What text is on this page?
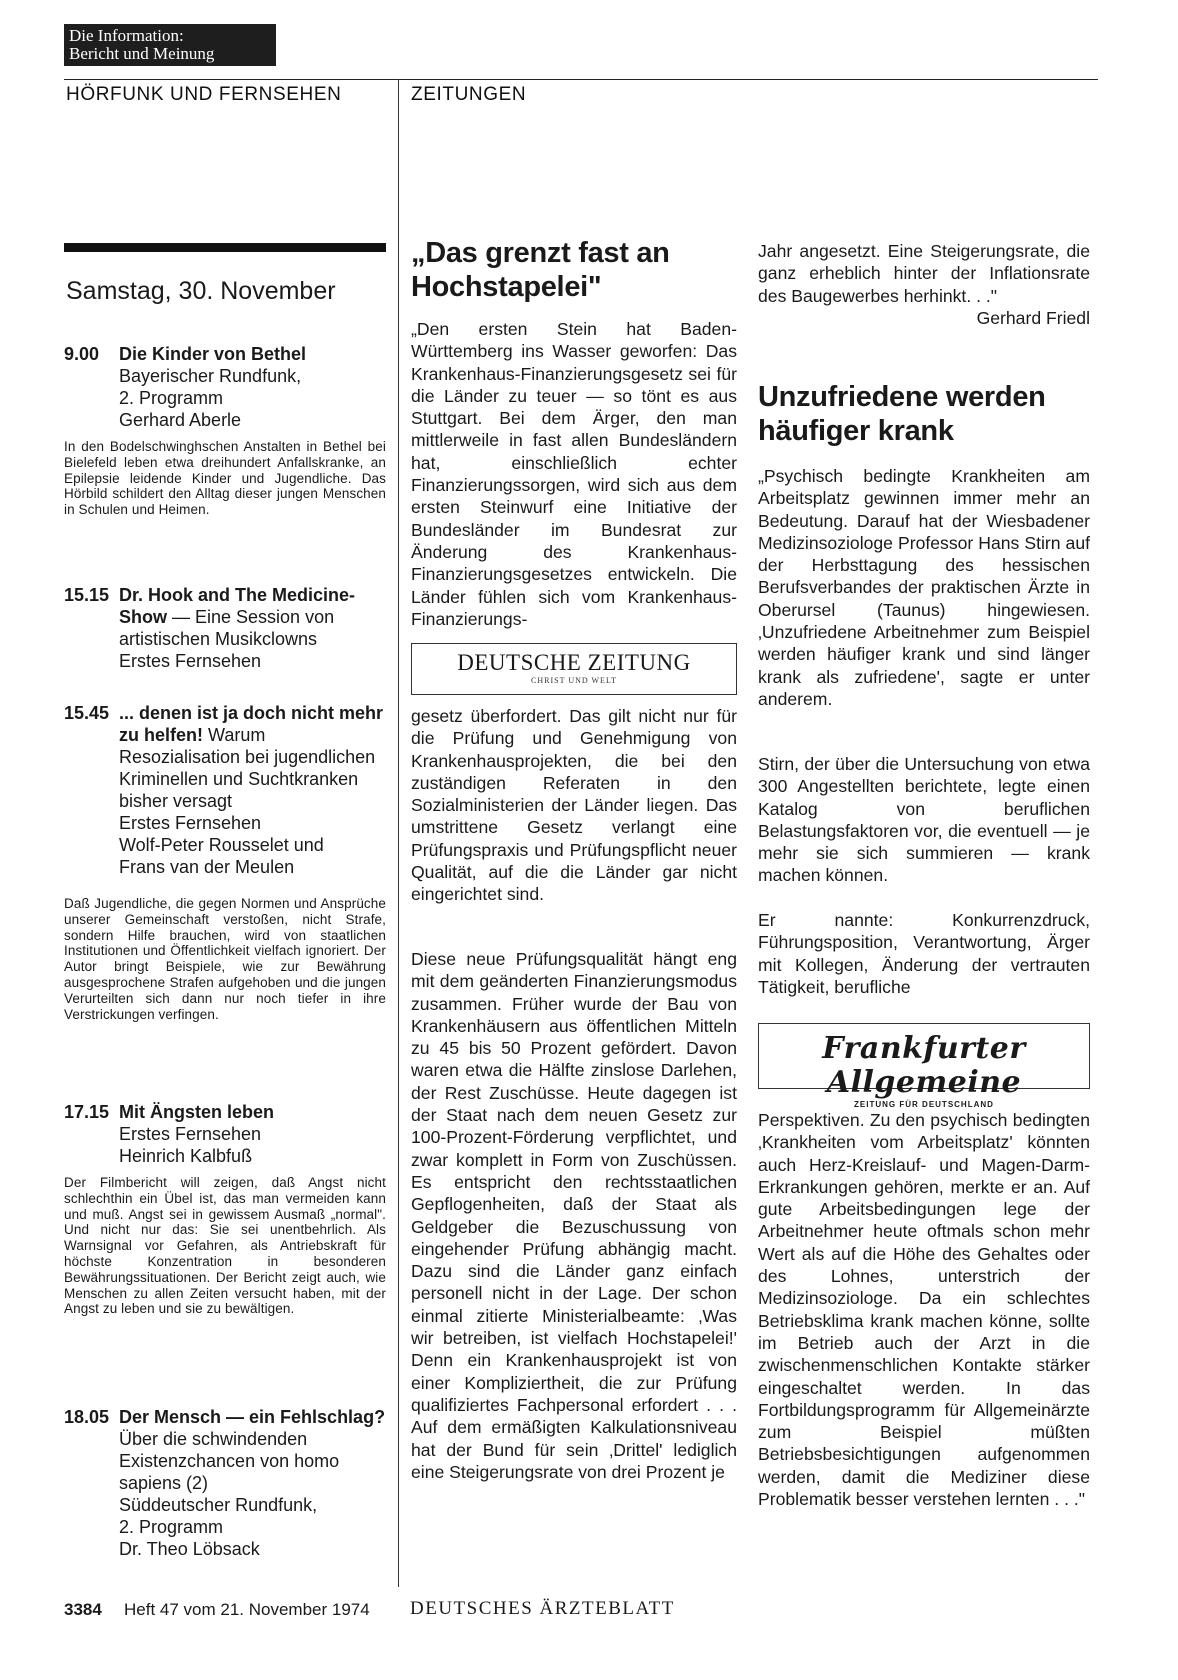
Die Information:
Bericht und Meinung
HÖRFUNK UND FERNSEHEN	ZEITUNGEN
Samstag, 30. November
9.00 Die Kinder von Bethel
Bayerischer Rundfunk,
2. Programm
Gerhard Aberle
In den Bodelschwinghschen Anstalten in Bethel bei Bielefeld leben etwa dreihundert Anfallskranke, an Epilepsie leidende Kinder und Jugendliche. Das Hörbild schildert den Alltag dieser jungen Menschen in Schulen und Heimen.
15.15 Dr. Hook and The Medicine-Show — Eine Session von artistischen Musikclowns
Erstes Fernsehen
15.45 ... denen ist ja doch nicht mehr zu helfen! Warum Resozialisation bei jugendlichen Kriminellen und Suchtkranken bisher versagt
Erstes Fernsehen
Wolf-Peter Rousselet und
Frans van der Meulen
Daß Jugendliche, die gegen Normen und Ansprüche unserer Gemeinschaft verstoßen, nicht Strafe, sondern Hilfe brauchen, wird von staatlichen Institutionen und Öffentlichkeit vielfach ignoriert. Der Autor bringt Beispiele, wie zur Bewährung ausgesprochene Strafen aufgehoben und die jungen Verurteilten sich dann nur noch tiefer in ihre Verstrickungen verfingen.
17.15 Mit Ängsten leben
Erstes Fernsehen
Heinrich Kalbfuß
Der Filmbericht will zeigen, daß Angst nicht schlechthin ein Übel ist, das man vermeiden kann und muß. Angst sei in gewissem Ausmaß „normal". Und nicht nur das: Sie sei unentbehrlich. Als Warnsignal vor Gefahren, als Antriebskraft für höchste Konzentration in besonderen Bewährungssituationen. Der Bericht zeigt auch, wie Menschen zu allen Zeiten versucht haben, mit der Angst zu leben und sie zu bewältigen.
18.05 Der Mensch — ein Fehlschlag? Über die schwindenden Existenzchancen von homo sapiens (2)
Süddeutscher Rundfunk,
2. Programm
Dr. Theo Löbsack
„Das grenzt fast an Hochstapelei"
„Den ersten Stein hat Baden-Württemberg ins Wasser geworfen: Das Krankenhaus-Finanzierungsgesetz sei für die Länder zu teuer — so tönt es aus Stuttgart. Bei dem Ärger, den man mittlerweile in fast allen Bundesländern hat, einschließlich echter Finanzierungssorgen, wird sich aus dem ersten Steinwurf eine Initiative der Bundesländer im Bundesrat zur Änderung des Krankenhaus-Finanzierungsgesetzes entwickeln. Die Länder fühlen sich vom Krankenhaus-Finanzierungs-
DEUTSCHE ZEITUNG
CHRIST UND WELT
gesetz überfordert. Das gilt nicht nur für die Prüfung und Genehmigung von Krankenhausprojekten, die bei den zuständigen Referaten in den Sozialministerien der Länder liegen. Das umstrittene Gesetz verlangt eine Prüfungspraxis und Prüfungspflicht neuer Qualität, auf die die Länder gar nicht eingerichtet sind.
Diese neue Prüfungsqualität hängt eng mit dem geänderten Finanzierungsmodus zusammen. Früher wurde der Bau von Krankenhäusern aus öffentlichen Mitteln zu 45 bis 50 Prozent gefördert. Davon waren etwa die Hälfte zinslose Darlehen, der Rest Zuschüsse. Heute dagegen ist der Staat nach dem neuen Gesetz zur 100-Prozent-Förderung verpflichtet, und zwar komplett in Form von Zuschüssen. Es entspricht den rechtsstaatlichen Gepflogenheiten, daß der Staat als Geldgeber die Bezuschussung von eingehender Prüfung abhängig macht. Dazu sind die Länder ganz einfach personell nicht in der Lage. Der schon einmal zitierte Ministerialbeamte: ‚Was wir betreiben, ist vielfach Hochstapelei!' Denn ein Krankenhausprojekt ist von einer Kompliziertheit, die zur Prüfung qualifiziertes Fachpersonal erfordert . . . Auf dem ermäßigten Kalkulationsniveau hat der Bund für sein ‚Drittel' lediglich eine Steigerungsrate von drei Prozent je
Jahr angesetzt. Eine Steigerungsrate, die ganz erheblich hinter der Inflationsrate des Baugewerbes herhinkt. . ."
Gerhard Friedl
Unzufriedene werden häufiger krank
„Psychisch bedingte Krankheiten am Arbeitsplatz gewinnen immer mehr an Bedeutung. Darauf hat der Wiesbadener Medizinsoziologe Professor Hans Stirn auf der Herbsttagung des hessischen Berufsverbandes der praktischen Ärzte in Oberursel (Taunus) hingewiesen. ‚Unzufriedene Arbeitnehmer zum Beispiel werden häufiger krank und sind länger krank als zufriedene', sagte er unter anderem.
Stirn, der über die Untersuchung von etwa 300 Angestellten berichtete, legte einen Katalog von beruflichen Belastungsfaktoren vor, die eventuell — je mehr sie sich summieren — krank machen können.
Er nannte: Konkurrenzdruck, Führungsposition, Verantwortung, Ärger mit Kollegen, Änderung der vertrauten Tätigkeit, berufliche
Frankfurter Allgemeine
ZEITUNG FÜR DEUTSCHLAND
Perspektiven. Zu den psychisch bedingten ‚Krankheiten vom Arbeitsplatz' könnten auch Herz-Kreislauf- und Magen-Darm-Erkrankungen gehören, merkte er an. Auf gute Arbeitsbedingungen lege der Arbeitnehmer heute oftmals schon mehr Wert als auf die Höhe des Gehaltes oder des Lohnes, unterstrich der Medizinsoziologe. Da ein schlechtes Betriebsklima krank machen könne, sollte im Betrieb auch der Arzt in die zwischenmenschlichen Kontakte stärker eingeschaltet werden. In das Fortbildungsprogramm für Allgemeinärzte zum Beispiel müßten Betriebsbesichtigungen aufgenommen werden, damit die Mediziner diese Problematik besser verstehen lernten . . ."
3384 Heft 47 vom 21. November 1974 DEUTSCHES ÄRZTEBLATT
